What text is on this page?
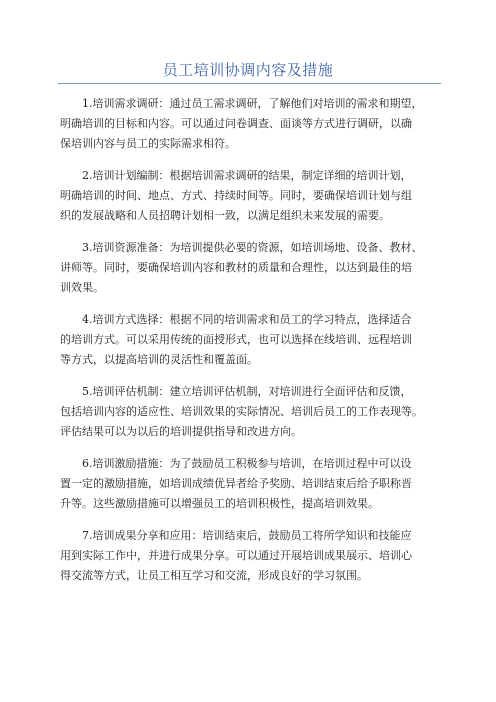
员工培训协调内容及措施
1.培训需求调研：通过员工需求调研，了解他们对培训的需求和期望，
明确培训的目标和内容。可以通过问卷调查、面谈等方式进行调研，以确
保培训内容与员工的实际需求相符。
2.培训计划编制：根据培训需求调研的结果，制定详细的培训计划，
明确培训的时间、地点、方式、持续时间等。同时，要确保培训计划与组
织的发展战略和人员招聘计划相一致，以满足组织未来发展的需要。
3.培训资源准备：为培训提供必要的资源，如培训场地、设备、教材、
讲师等。同时，要确保培训内容和教材的质量和合理性，以达到最佳的培
训效果。
4.培训方式选择：根据不同的培训需求和员工的学习特点，选择适合
的培训方式。可以采用传统的面授形式，也可以选择在线培训、远程培训
等方式，以提高培训的灵活性和覆盖面。
5.培训评估机制：建立培训评估机制，对培训进行全面评估和反馈，
包括培训内容的适应性、培训效果的实际情况、培训后员工的工作表现等。
评估结果可以为以后的培训提供指导和改进方向。
6.培训激励措施：为了鼓励员工积极参与培训，在培训过程中可以设
置一定的激励措施，如培训成绩优异者给予奖励、培训结束后给予职称晋
升等。这些激励措施可以增强员工的培训积极性，提高培训效果。
7.培训成果分享和应用：培训结束后，鼓励员工将所学知识和技能应
用到实际工作中，并进行成果分享。可以通过开展培训成果展示、培训心
得交流等方式，让员工相互学习和交流，形成良好的学习氛围。
